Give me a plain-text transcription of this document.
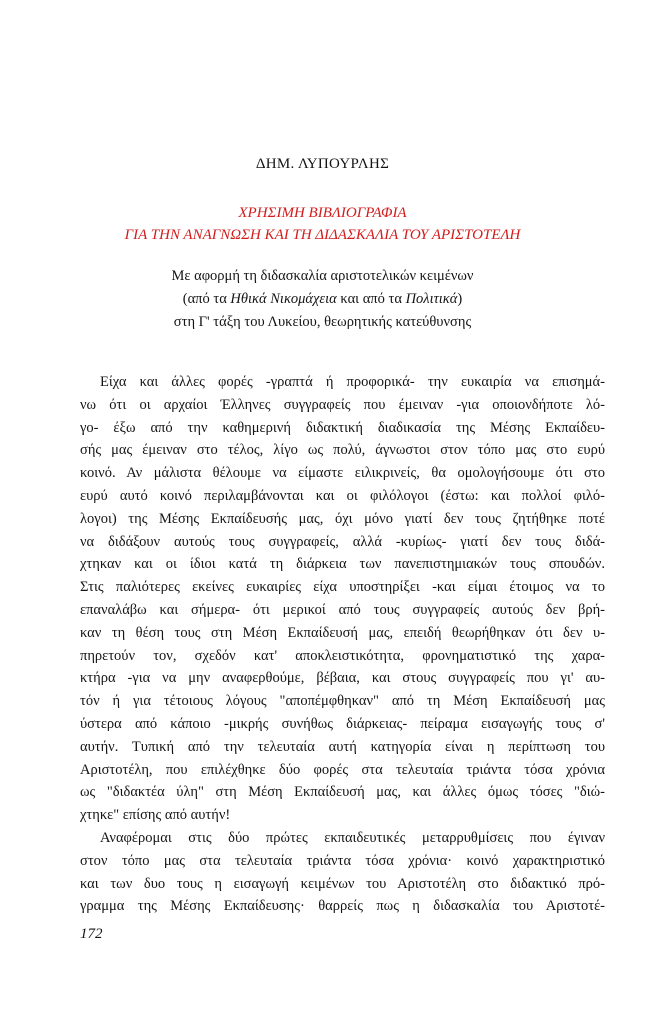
ΔΗΜ. ΛΥΠΟΥΡΛΗΣ
ΧΡΗΣΙΜΗ ΒΙΒΛΙΟΓΡΑΦΙΑ
ΓΙΑ ΤΗΝ ΑΝΑΓΝΩΣΗ ΚΑΙ ΤΗ ΔΙΔΑΣΚΑΛΙΑ ΤΟΥ ΑΡΙΣΤΟΤΕΛΗ
Με αφορμή τη διδασκαλία αριστοτελικών κειμένων
(από τα Ηθικά Νικομάχεια και από τα Πολιτικά)
στη Γ' τάξη του Λυκείου, θεωρητικής κατεύθυνσης
Είχα και άλλες φορές -γραπτά ή προφορικά- την ευκαιρία να επισημά-
νω ότι οι αρχαίοι Έλληνες συγγραφείς που έμειναν -για οποιονδήποτε λό-
γο- έξω από την καθημερινή διδακτική διαδικασία της Μέσης Εκπαίδευ-
σής μας έμειναν στο τέλος, λίγο ως πολύ, άγνωστοι στον τόπο μας στο ευρύ
κοινό. Αν μάλιστα θέλουμε να είμαστε ειλικρινείς, θα ομολογήσουμε ότι στο
ευρύ αυτό κοινό περιλαμβάνονται και οι φιλόλογοι (έστω: και πολλοί φιλό-
λογοι) της Μέσης Εκπαίδευσής μας, όχι μόνο γιατί δεν τους ζητήθηκε ποτέ
να διδάξουν αυτούς τους συγγραφείς, αλλά -κυρίως- γιατί δεν τους διδά-
χτηκαν και οι ίδιοι κατά τη διάρκεια των πανεπιστημιακών τους σπουδών.
Στις παλιότερες εκείνες ευκαιρίες είχα υποστηρίξει -και είμαι έτοιμος να το
επαναλάβω και σήμερα- ότι μερικοί από τους συγγραφείς αυτούς δεν βρή-
καν τη θέση τους στη Μέση Εκπαίδευσή μας, επειδή θεωρήθηκαν ότι δεν υ-
πηρετούν τον, σχεδόν κατ' αποκλειστικότητα, φρονηματιστικό της χαρα-
κτήρα -για να μην αναφερθούμε, βέβαια, και στους συγγραφείς που γι' αυ-
τόν ή για τέτοιους λόγους "αποπέμφθηκαν" από τη Μέση Εκπαίδευσή μας
ύστερα από κάποιο -μικρής συνήθως διάρκειας- πείραμα εισαγωγής τους σ'
αυτήν. Τυπική από την τελευταία αυτή κατηγορία είναι η περίπτωση του
Αριστοτέλη, που επιλέχθηκε δύο φορές στα τελευταία τριάντα τόσα χρόνια
ως "διδακτέα ύλη" στη Μέση Εκπαίδευσή μας, και άλλες όμως τόσες "διώ-
χτηκε" επίσης από αυτήν!
Αναφέρομαι στις δύο πρώτες εκπαιδευτικές μεταρρυθμίσεις που έγιναν
στον τόπο μας στα τελευταία τριάντα τόσα χρόνια· κοινό χαρακτηριστικό
και των δυο τους η εισαγωγή κειμένων του Αριστοτέλη στο διδακτικό πρό-
γραμμα της Μέσης Εκπαίδευσης· θαρρείς πως η διδασκαλία του Αριστοτέ-
172
